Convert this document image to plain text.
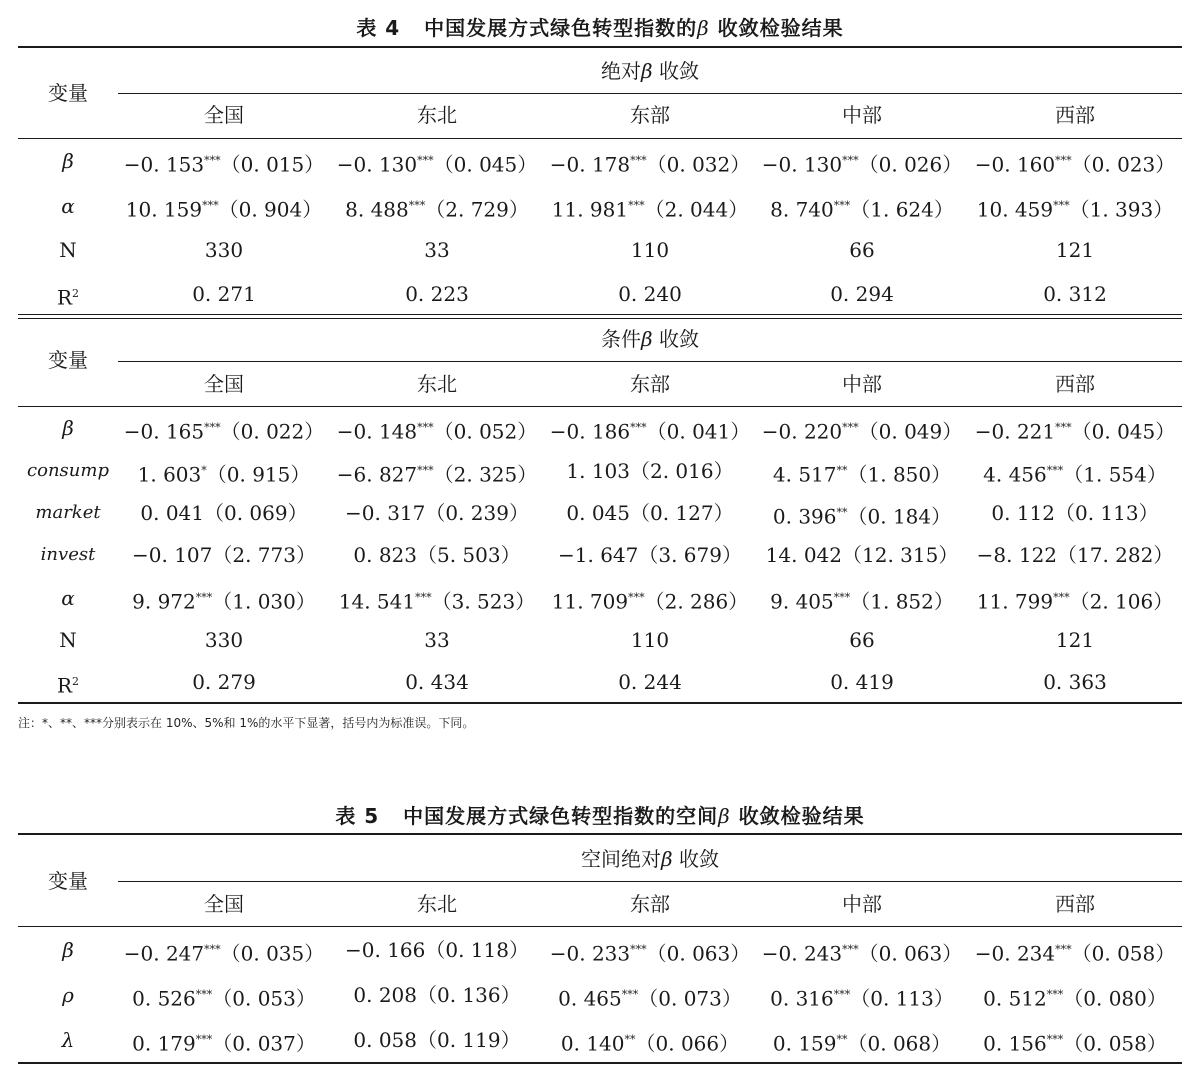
表 4 中国发展方式绿色转型指数的β 收敛检验结果
变量
绝对β 收敛
全国	东北	东部	中部	西部
β	−0. 153***（0. 015） −0. 130***（0. 045） −0. 178***（0. 032） −0. 130***（0. 026） −0. 160***（0. 023）
α	10. 159***（0. 904）	8. 488***（2. 729）	11. 981***（2. 044）	8. 740***（1. 624）	10. 459***（1. 393）
N	330	33	110	66	121
$R^2$	0. 271	0. 223	0. 240	0. 294	0. 312
变量
条件β 收敛
全国	东北	东部	中部	西部
β	−0. 165***（0. 022） −0. 148***（0. 052） −0. 186***（0. 041） −0. 220***（0. 049） −0. 221***（0. 045）
consump	1. 603*（0. 915）	−6. 827***（2. 325）	1. 103（2. 016）	4. 517**（1. 850）	4. 456***（1. 554）
market	0. 041（0. 069）	−0. 317（0. 239）	0. 045（0. 127）	0. 396**（0. 184）	0. 112（0. 113）
invest	−0. 107（2. 773）	0. 823（5. 503）	−1. 647（3. 679）	14. 042（12. 315） −8. 122（17. 282）
α	9. 972***（1. 030）	14. 541***（3. 523） 11. 709***（2. 286）	9. 405***（1. 852）	11. 799***（2. 106）
N	330	33	110	66	121
$R^2$	0. 279	0. 434	0. 244	0. 419	0. 363
注：*、**、***分别表示在 10%、5%和 1%的水平下显著，括号内为标准误。下同。
表 5 中国发展方式绿色转型指数的空间β 收敛检验结果
变量
空间绝对β 收敛
全国	东北	东部	中部	西部
β	−0. 247***（0. 035）	−0. 166（0. 118）	−0. 233***（0. 063） −0. 243***（0. 063） −0. 234***（0. 058）
ρ	0. 526***（0. 053）	0. 208（0. 136）	0. 465***（0. 073）	0. 316***（0. 113）	0. 512***（0. 080）
λ	0. 179***（0. 037）	0. 058（0. 119）	0. 140**（0. 066）	0. 159**（0. 068）	0. 156***（0. 058）
